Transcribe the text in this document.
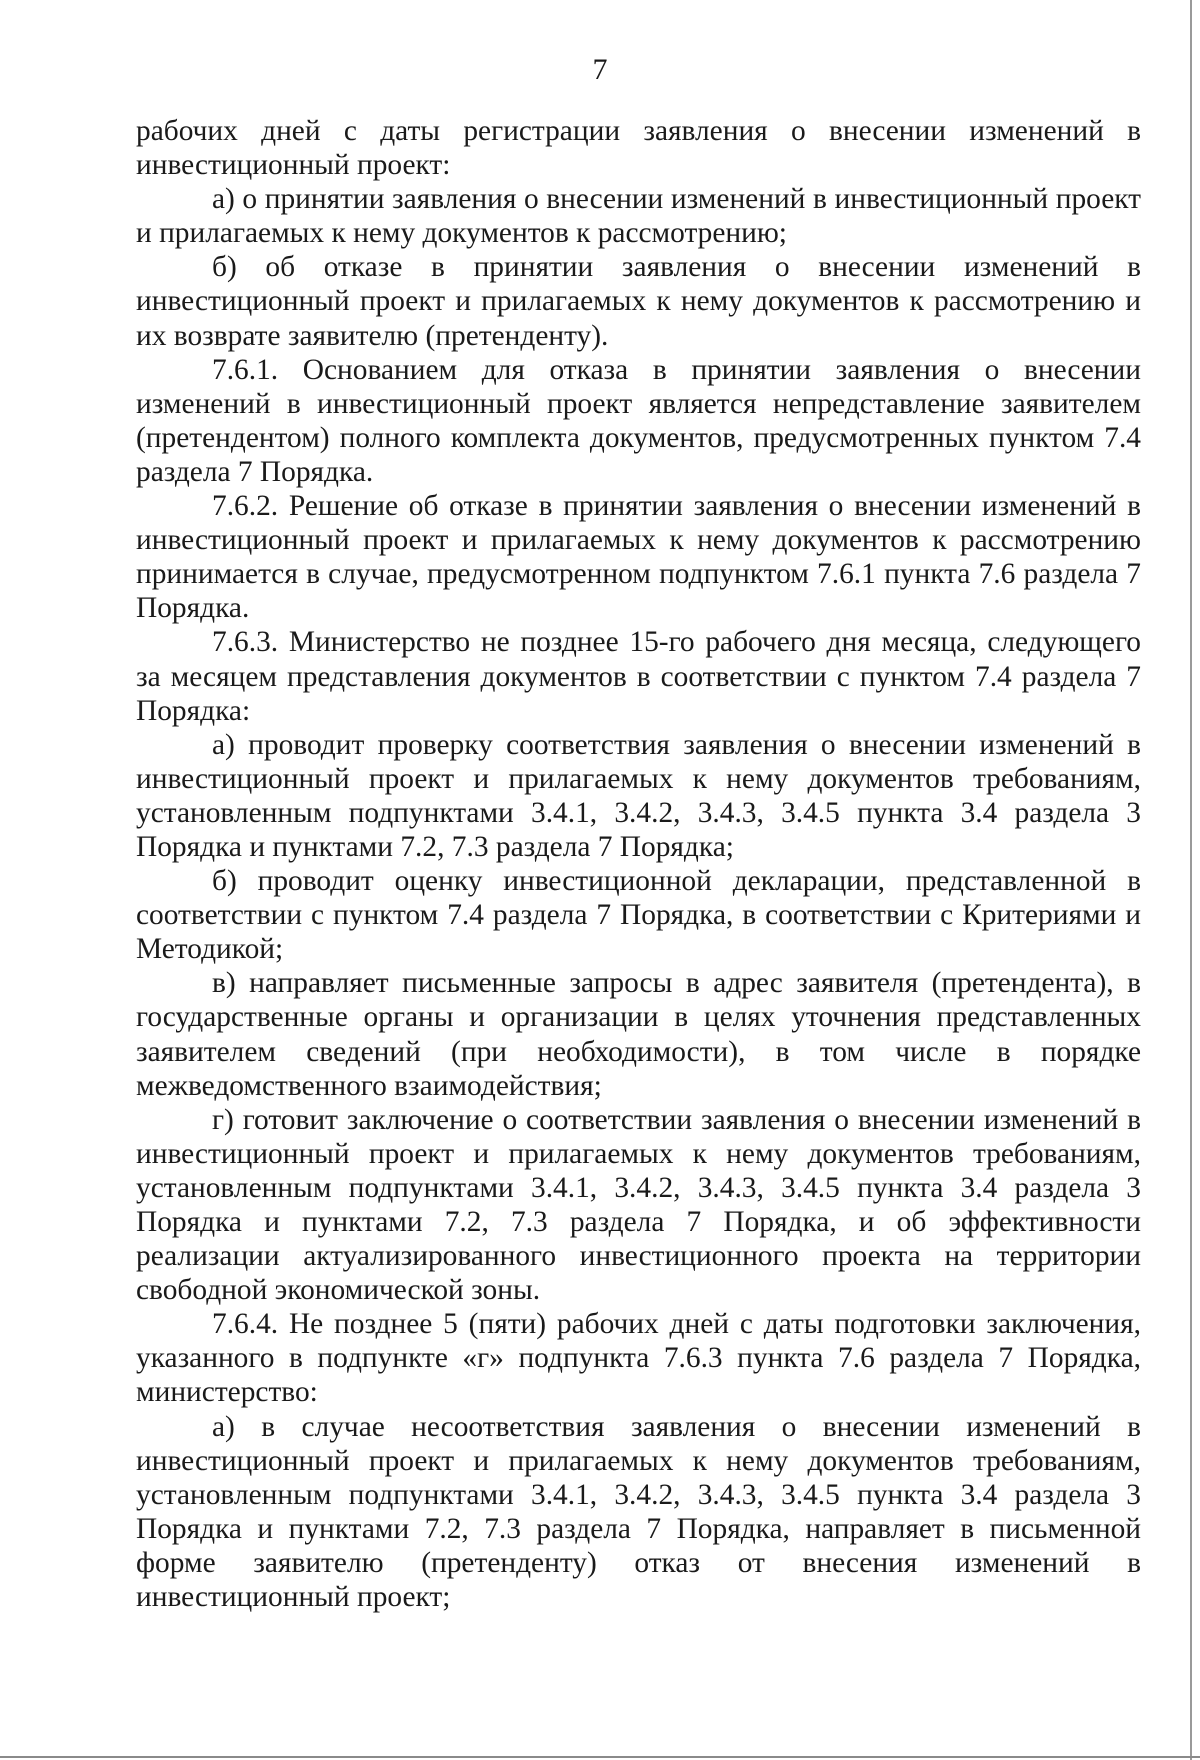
7

рабочих дней с даты регистрации заявления о внесении изменений в инвестиционный проект:

а) о принятии заявления о внесении изменений в инвестиционный проект и прилагаемых к нему документов к рассмотрению;

б) об отказе в принятии заявления о внесении изменений в инвестиционный проект и прилагаемых к нему документов к рассмотрению и их возврате заявителю (претенденту).

7.6.1. Основанием для отказа в принятии заявления о внесении изменений в инвестиционный проект является непредставление заявителем (претендентом) полного комплекта документов, предусмотренных пунктом 7.4 раздела 7 Порядка.

7.6.2. Решение об отказе в принятии заявления о внесении изменений в инвестиционный проект и прилагаемых к нему документов к рассмотрению принимается в случае, предусмотренном подпунктом 7.6.1 пункта 7.6 раздела 7 Порядка.

7.6.3. Министерство не позднее 15-го рабочего дня месяца, следующего за месяцем представления документов в соответствии с пунктом 7.4 раздела 7 Порядка:

а) проводит проверку соответствия заявления о внесении изменений в инвестиционный проект и прилагаемых к нему документов требованиям, установленным подпунктами 3.4.1, 3.4.2, 3.4.3, 3.4.5 пункта 3.4 раздела 3 Порядка и пунктами 7.2, 7.3 раздела 7 Порядка;

б) проводит оценку инвестиционной декларации, представленной в соответствии с пунктом 7.4 раздела 7 Порядка, в соответствии с Критериями и Методикой;

в) направляет письменные запросы в адрес заявителя (претендента), в государственные органы и организации в целях уточнения представленных заявителем сведений (при необходимости), в том числе в порядке межведомственного взаимодействия;

г) готовит заключение о соответствии заявления о внесении изменений в инвестиционный проект и прилагаемых к нему документов требованиям, установленным подпунктами 3.4.1, 3.4.2, 3.4.3, 3.4.5 пункта 3.4 раздела 3 Порядка и пунктами 7.2, 7.3 раздела 7 Порядка, и об эффективности реализации актуализированного инвестиционного проекта на территории свободной экономической зоны.

7.6.4. Не позднее 5 (пяти) рабочих дней с даты подготовки заключения, указанного в подпункте «г» подпункта 7.6.3 пункта 7.6 раздела 7 Порядка, министерство:

а) в случае несоответствия заявления о внесении изменений в инвестиционный проект и прилагаемых к нему документов требованиям, установленным подпунктами 3.4.1, 3.4.2, 3.4.3, 3.4.5 пункта 3.4 раздела 3 Порядка и пунктами 7.2, 7.3 раздела 7 Порядка, направляет в письменной форме заявителю (претенденту) отказ от внесения изменений в инвестиционный проект;
